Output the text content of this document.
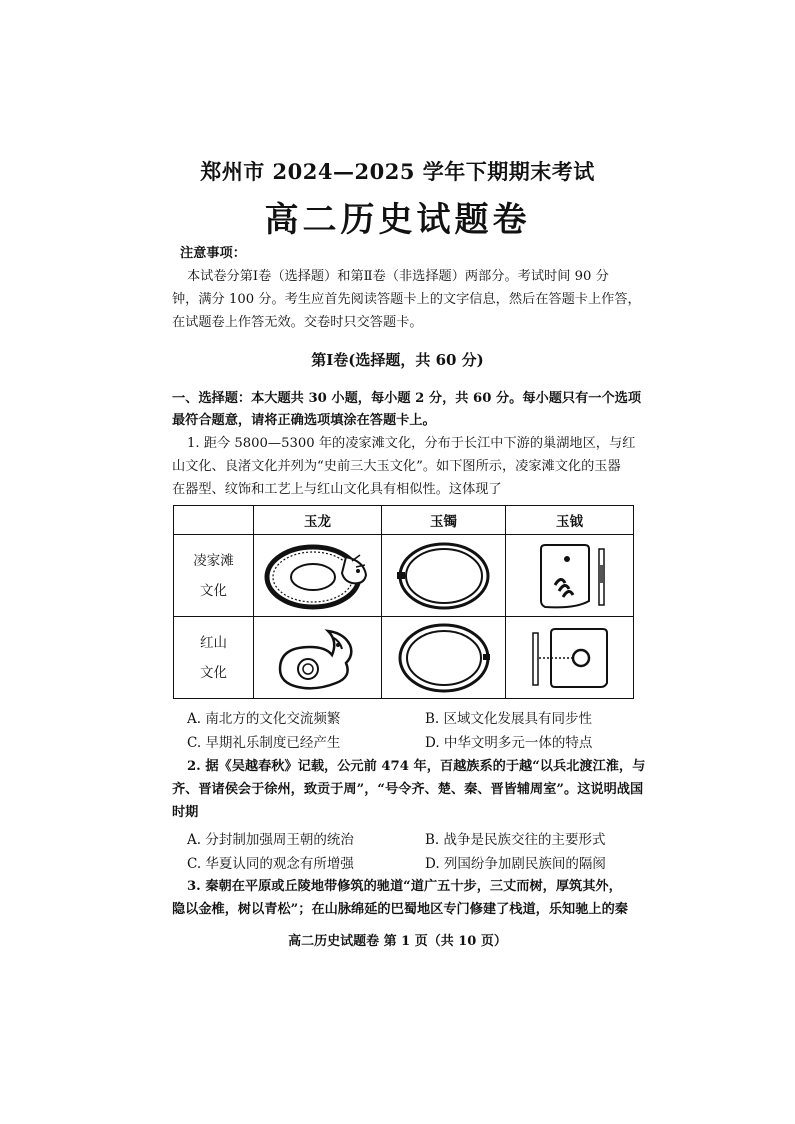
郑州市 2024—2025 学年下期期末考试
高二历史试题卷
注意事项：
本试卷分第Ⅰ卷（选择题）和第Ⅱ卷（非选择题）两部分。考试时间 90 分
钟，满分 100 分。考生应首先阅读答题卡上的文字信息，然后在答题卡上作答，
在试题卷上作答无效。交卷时只交答题卡。
第Ⅰ卷(选择题，共 60 分)
一、选择题：本大题共 30 小题，每小题 2 分，共 60 分。每小题只有一个选项
最符合题意，请将正确选项填涂在答题卡上。
1. 距今 5800—5300 年的凌家滩文化，分布于长江中下游的巢湖地区，与红
山文化、良渚文化并列为“史前三大玉文化”。如下图所示，凌家滩文化的玉器
在器型、纹饰和工艺上与红山文化具有相似性。这体现了
	玉龙	玉镯	玉钺

凌家滩
文化

红山
文化

A. 南北方的文化交流频繁	B. 区域文化发展具有同步性
C. 早期礼乐制度已经产生	D. 中华文明多元一体的特点
2. 据《吴越春秋》记载，公元前 474 年，百越族系的于越“以兵北渡江淮，与
齐、晋诸侯会于徐州，致贡于周”，“号令齐、楚、秦、晋皆辅周室”。这说明战国
时期
A. 分封制加强周王朝的统治	B. 战争是民族交往的主要形式
C. 华夏认同的观念有所增强	D. 列国纷争加剧民族间的隔阂
3. 秦朝在平原或丘陵地带修筑的驰道“道广五十步，三丈而树，厚筑其外，
隐以金椎，树以青松”；在山脉绵延的巴蜀地区专门修建了栈道，乐知驰上的秦
高二历史试题卷 第 1 页（共 10 页）
